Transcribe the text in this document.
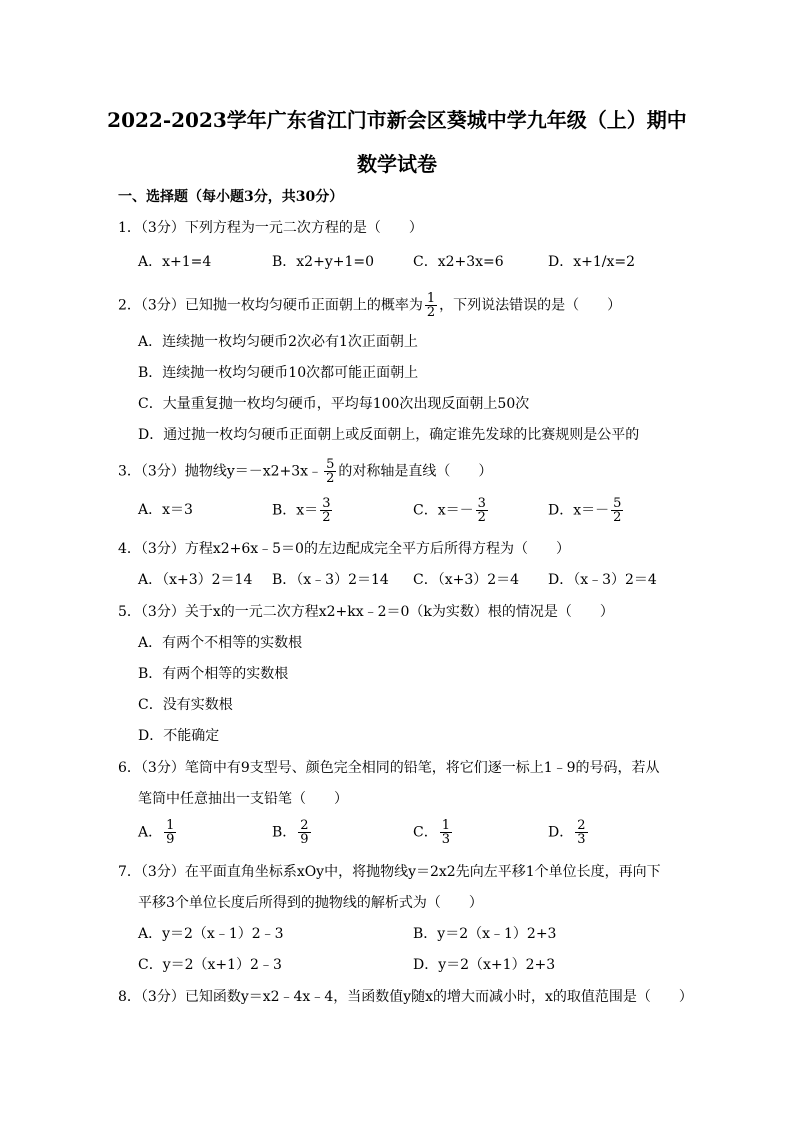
2022-2023学年广东省江门市新会区葵城中学九年级（上）期中
数学试卷
一、选择题（每小题3分，共30分）
1．（3分）下列方程为一元二次方程的是（　　）
A．x+1=4	B．x2+y+1=0	C．x2+3x=6	D．x+1/x=2
2．（3分）已知抛一枚均匀硬币正面朝上的概率为 $\frac{1}{2}$ ，下列说法错误的是（　　）
A．连续抛一枚均匀硬币2次必有1次正面朝上
B．连续抛一枚均匀硬币10次都可能正面朝上
C．大量重复抛一枚均匀硬币，平均每100次出现反面朝上50次
D．通过抛一枚均匀硬币正面朝上或反面朝上，确定谁先发球的比赛规则是公平的
3．（3分）抛物线y＝－x2+3x﹣ $\frac{5}{2}$ 的对称轴是直线（　　）
A．x＝3	B．$x= \frac{3}{2}$	C．$x=- \frac{3}{2}$	D．$x=- \frac{5}{2}$
4．（3分）方程x2+6x﹣5＝0的左边配成完全平方后所得方程为（　　）
A．（x+3）2＝14 B．（x﹣3）2＝14 C．（x+3）2＝4 D．（x﹣3）2＝4
5．（3分）关于x的一元二次方程x2+kx﹣2＝0（k为实数）根的情况是（　　）
A．有两个不相等的实数根
B．有两个相等的实数根
C．没有实数根
D．不能确定
6．（3分）笔筒中有9支型号、颜色完全相同的铅笔，将它们逐一标上1﹣9的号码，若从
笔筒中任意抽出一支铅笔（　　）
A． $\frac{1}{9}$	B． $\frac{2}{9}$	C． $\frac{1}{3}$	D． $\frac{2}{3}$
7．（3分）在平面直角坐标系xOy中，将抛物线y＝2x2先向左平移1个单位长度，再向下
平移3个单位长度后所得到的抛物线的解析式为（　　）
A．y＝2（x﹣1）2﹣3	B．y＝2（x﹣1）2+3
C．y＝2（x+1）2﹣3	D．y＝2（x+1）2+3
8．（3分）已知函数y＝x2﹣4x﹣4，当函数值y随x的增大而减小时，x的取值范围是（　　）
